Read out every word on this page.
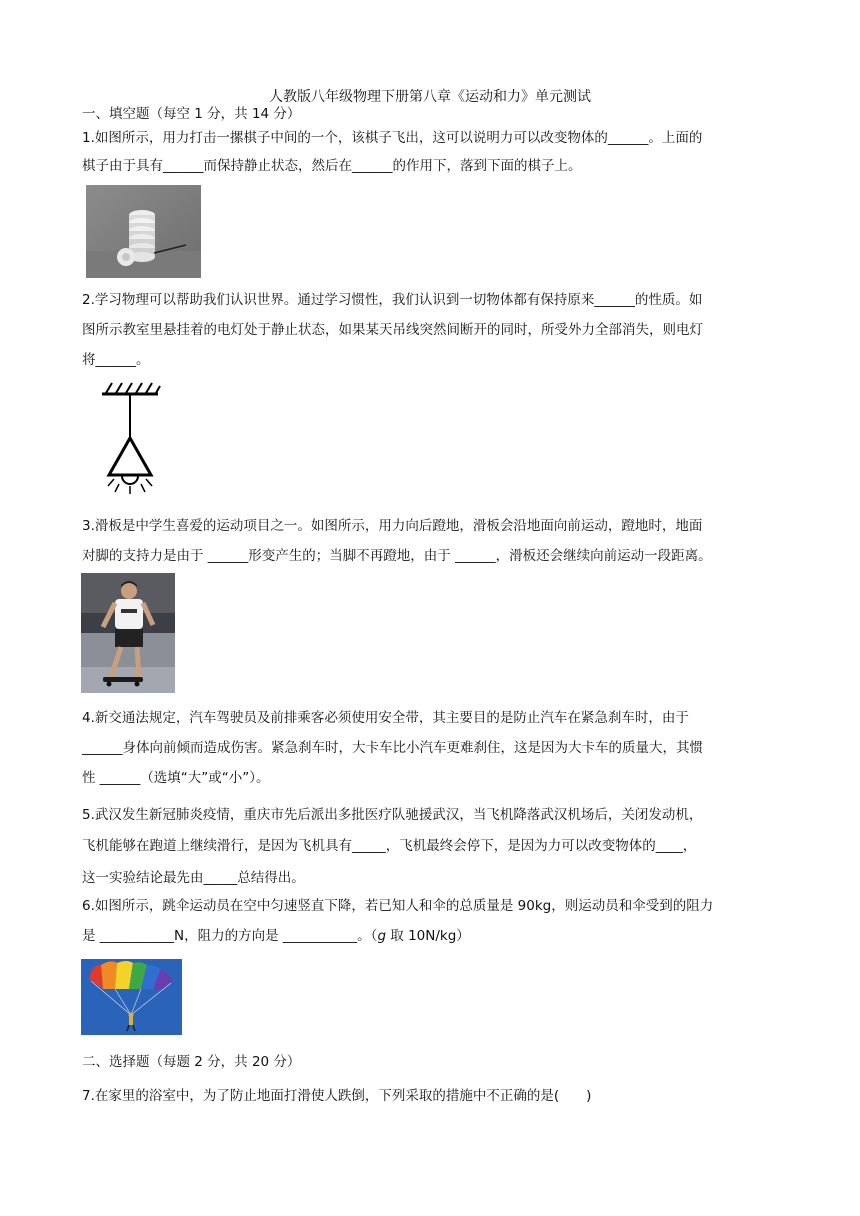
人教版八年级物理下册第八章《运动和力》单元测试
一、填空题（每空 1 分，共 14 分）
1.如图所示，用力打击一摞棋子中间的一个，该棋子飞出，这可以说明力可以改变物体的______。上面的
棋子由于具有______而保持静止状态，然后在______的作用下，落到下面的棋子上。
2.学习物理可以帮助我们认识世界。通过学习惯性，我们认识到一切物体都有保持原来______的性质。如
图所示教室里悬挂着的电灯处于静止状态，如果某天吊线突然间断开的同时，所受外力全部消失，则电灯
将______。
3.滑板是中学生喜爱的运动项目之一。如图所示，用力向后蹬地，滑板会沿地面向前运动，蹬地时，地面
对脚的支持力是由于 ______形变产生的；当脚不再蹬地，由于 ______，滑板还会继续向前运动一段距离。
4.新交通法规定，汽车驾驶员及前排乘客必须使用安全带，其主要目的是防止汽车在紧急刹车时，由于
______身体向前倾而造成伤害。紧急刹车时，大卡车比小汽车更难刹住，这是因为大卡车的质量大，其惯
性 ______（选填“大”或“小”）。
5.武汉发生新冠肺炎疫情，重庆市先后派出多批医疗队驰援武汉，当飞机降落武汉机场后，关闭发动机，
飞机能够在跑道上继续滑行，是因为飞机具有_____，飞机最终会停下，是因为力可以改变物体的____，
这一实验结论最先由_____总结得出。
6.如图所示，跳伞运动员在空中匀速竖直下降，若已知人和伞的总质量是 90kg，则运动员和伞受到的阻力
是 ___________N，阻力的方向是 ___________。（g 取 10N/kg）
二、选择题（每题 2 分，共 20 分）
7.在家里的浴室中，为了防止地面打滑使人跌倒，下列采取的措施中不正确的是(　　)
